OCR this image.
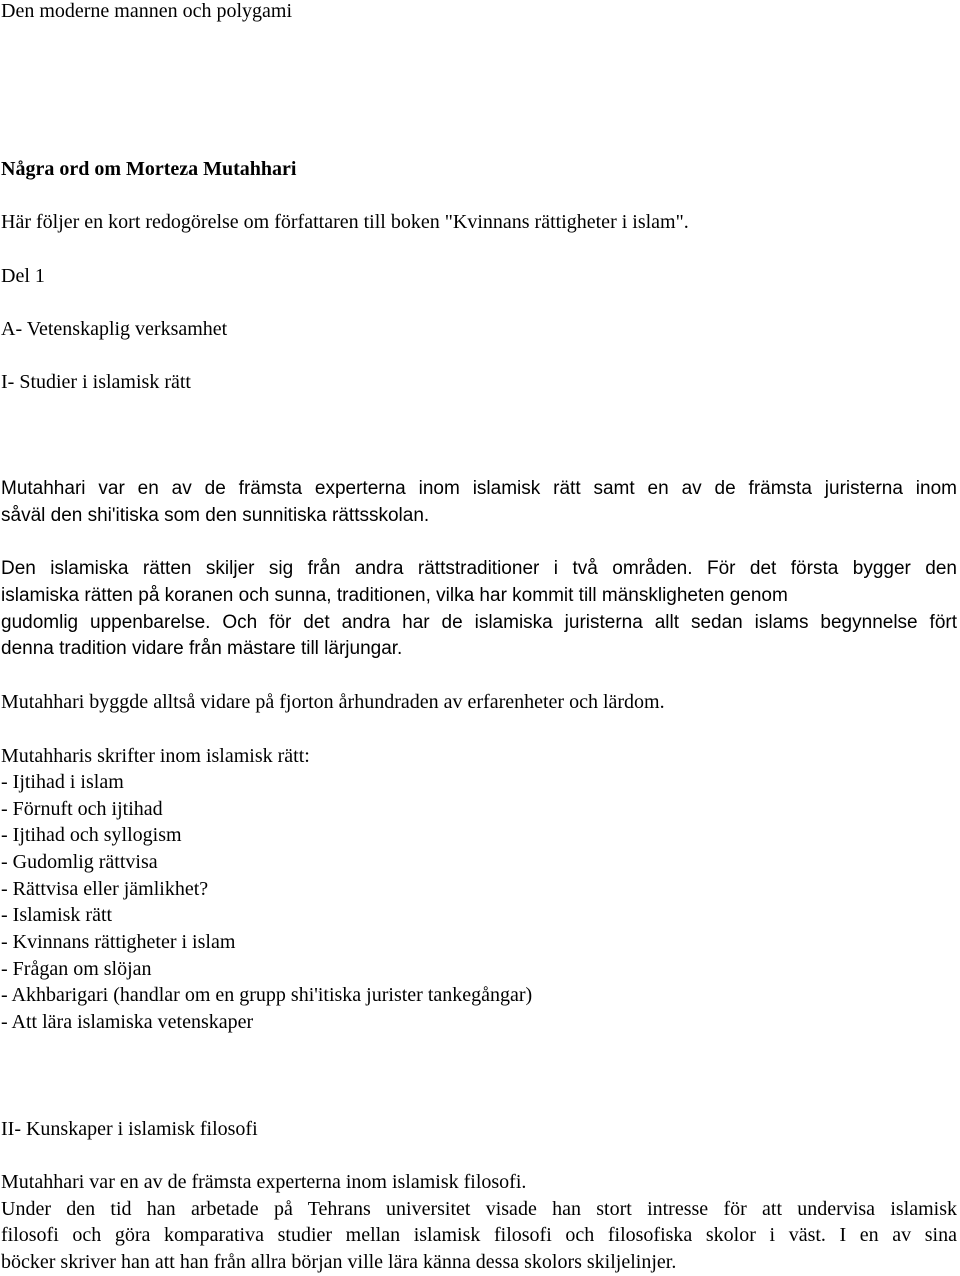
Den moderne mannen och polygami
Några ord om Morteza Mutahhari
Här följer en kort redogörelse om författaren till boken "Kvinnans rättigheter i islam".
Del 1
A- Vetenskaplig verksamhet
I- Studier i islamisk rätt
Mutahhari var en av de främsta experterna inom islamisk rätt samt en av de främsta juristerna inom
såväl den shi'itiska som den sunnitiska rättsskolan.
Den islamiska rätten skiljer sig från andra rättstraditioner i två områden. För det första bygger den
islamiska rätten på koranen och sunna, traditionen, vilka har kommit till mänskligheten genom
gudomlig uppenbarelse. Och för det andra har de islamiska juristerna allt sedan islams begynnelse fört
denna tradition vidare från mästare till lärjungar.
Mutahhari byggde alltså vidare på fjorton århundraden av erfarenheter och lärdom.
Mutahharis skrifter inom islamisk rätt:
- Ijtihad i islam
- Förnuft och ijtihad
- Ijtihad och syllogism
- Gudomlig rättvisa
- Rättvisa eller jämlikhet?
- Islamisk rätt
- Kvinnans rättigheter i islam
- Frågan om slöjan
- Akhbarigari (handlar om en grupp shi'itiska jurister tankegångar)
- Att lära islamiska vetenskaper
II- Kunskaper i islamisk filosofi
Mutahhari var en av de främsta experterna inom islamisk filosofi.
Under den tid han arbetade på Tehrans universitet visade han stort intresse för att undervisa islamisk
filosofi och göra komparativa studier mellan islamisk filosofi och filosofiska skolor i väst. I en av sina
böcker skriver han att han från allra början ville lära känna dessa skolors skiljelinjer.
